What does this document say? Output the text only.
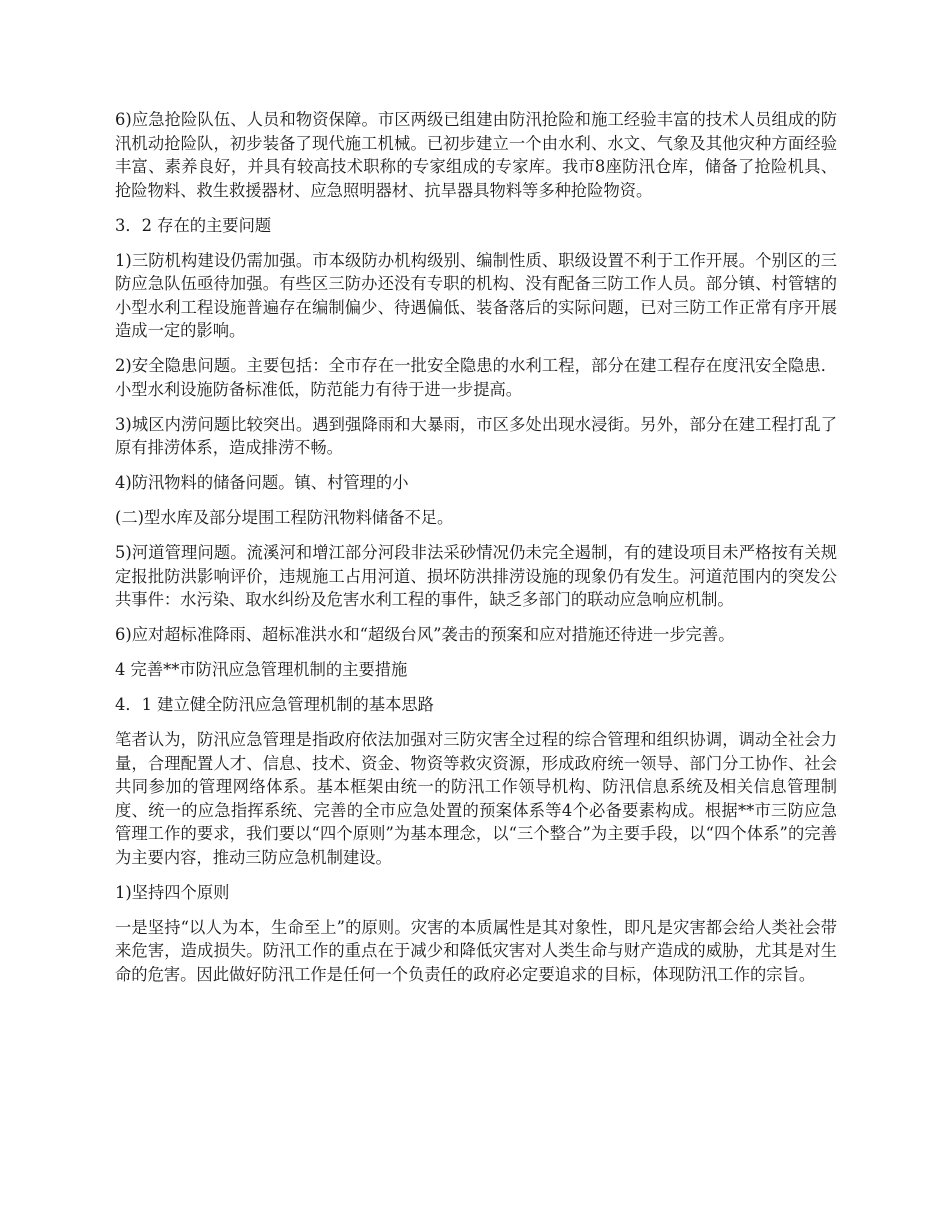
6)应急抢险队伍、人员和物资保障。市区两级已组建由防汛抢险和施工经验丰富的技术人员组成的防汛机动抢险队，初步装备了现代施工机械。已初步建立一个由水利、水文、气象及其他灾种方面经验丰富、素养良好，并具有较高技术职称的专家组成的专家库。我市8座防汛仓库，储备了抢险机具、抢险物料、救生救援器材、应急照明器材、抗旱器具物料等多种抢险物资。

3．2 存在的主要问题

1)三防机构建设仍需加强。市本级防办机构级别、编制性质、职级设置不利于工作开展。个别区的三防应急队伍亟待加强。有些区三防办还没有专职的机构、没有配备三防工作人员。部分镇、村管辖的小型水利工程设施普遍存在编制偏少、待遇偏低、装备落后的实际问题，已对三防工作正常有序开展造成一定的影响。

2)安全隐患问题。主要包括：全市存在一批安全隐患的水利工程，部分在建工程存在度汛安全隐患．小型水利设施防备标准低，防范能力有待于进一步提高。

3)城区内涝问题比较突出。遇到强降雨和大暴雨，市区多处出现水浸街。另外，部分在建工程打乱了原有排涝体系，造成排涝不畅。

4)防汛物料的储备问题。镇、村管理的小

(二)型水库及部分堤围工程防汛物料储备不足。

5)河道管理问题。流溪河和增江部分河段非法采砂情况仍未完全遏制，有的建设项目未严格按有关规定报批防洪影响评价，违规施工占用河道、损坏防洪排涝设施的现象仍有发生。河道范围内的突发公共事件：水污染、取水纠纷及危害水利工程的事件，缺乏多部门的联动应急响应机制。

6)应对超标准降雨、超标准洪水和“超级台风”袭击的预案和应对措施还待进一步完善。

4 完善**市防汛应急管理机制的主要措施

4．1 建立健全防汛应急管理机制的基本思路

笔者认为，防汛应急管理是指政府依法加强对三防灾害全过程的综合管理和组织协调，调动全社会力量，合理配置人才、信息、技术、资金、物资等救灾资源，形成政府统一领导、部门分工协作、社会共同参加的管理网络体系。基本框架由统一的防汛工作领导机构、防汛信息系统及相关信息管理制度、统一的应急指挥系统、完善的全市应急处置的预案体系等4个必备要素构成。根据**市三防应急管理工作的要求，我们要以“四个原则”为基本理念，以“三个整合”为主要手段，以“四个体系”的完善为主要内容，推动三防应急机制建设。

1)坚持四个原则

一是坚持“以人为本，生命至上”的原则。灾害的本质属性是其对象性，即凡是灾害都会给人类社会带来危害，造成损失。防汛工作的重点在于减少和降低灾害对人类生命与财产造成的威胁，尤其是对生命的危害。因此做好防汛工作是任何一个负责任的政府必定要追求的目标，体现防汛工作的宗旨。
